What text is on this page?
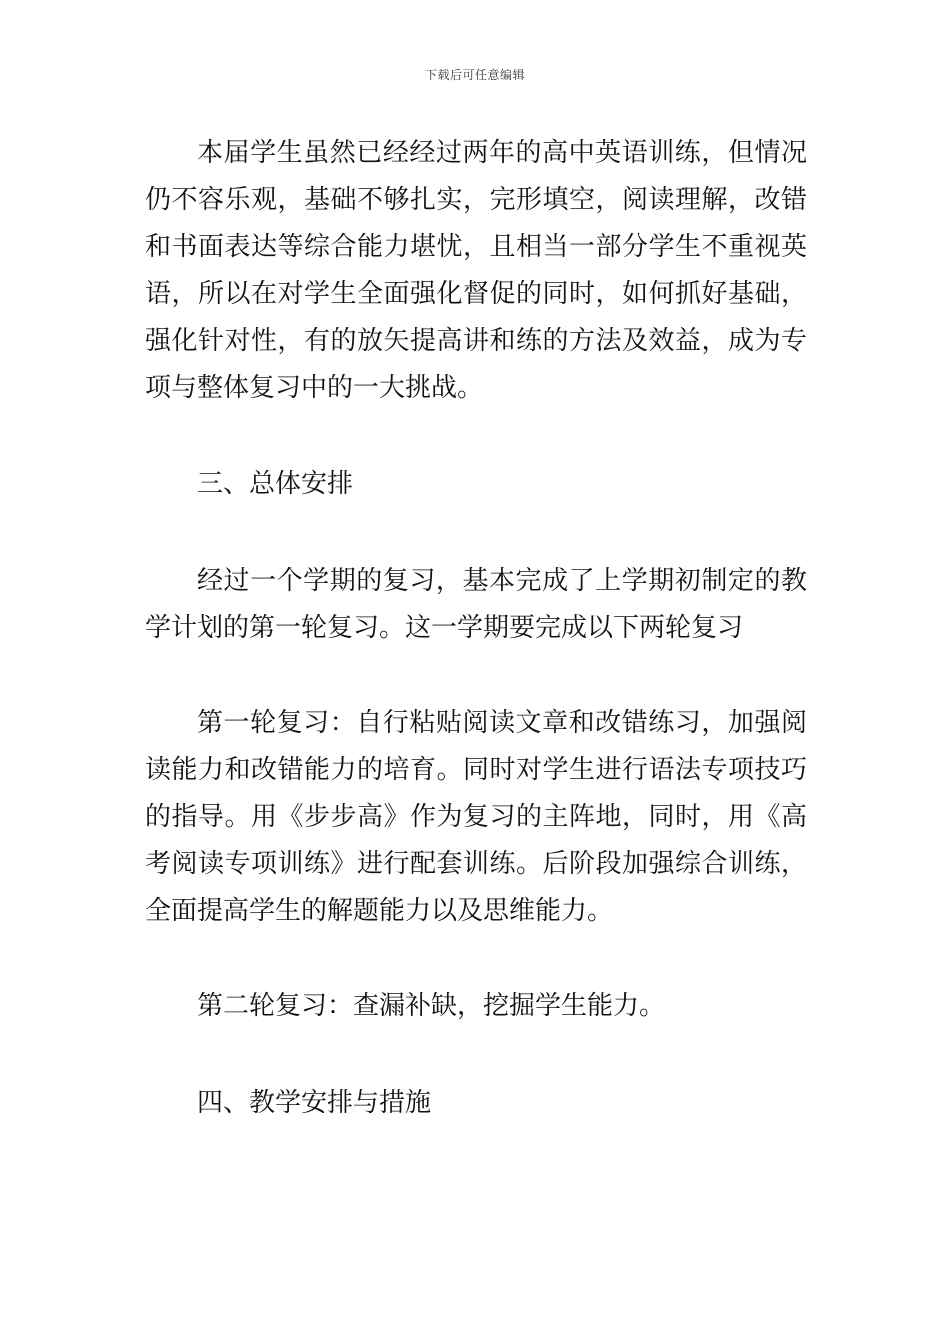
下载后可任意编辑

本届学生虽然已经经过两年的高中英语训练，但情况仍不容乐观，基础不够扎实，完形填空，阅读理解，改错和书面表达等综合能力堪忧，且相当一部分学生不重视英语，所以在对学生全面强化督促的同时，如何抓好基础，强化针对性，有的放矢提高讲和练的方法及效益，成为专项与整体复习中的一大挑战。

三、总体安排

经过一个学期的复习，基本完成了上学期初制定的教学计划的第一轮复习。这一学期要完成以下两轮复习

第一轮复习：自行粘贴阅读文章和改错练习，加强阅读能力和改错能力的培育。同时对学生进行语法专项技巧的指导。用《步步高》作为复习的主阵地，同时，用《高考阅读专项训练》进行配套训练。后阶段加强综合训练，全面提高学生的解题能力以及思维能力。

第二轮复习：查漏补缺，挖掘学生能力。

四、教学安排与措施
